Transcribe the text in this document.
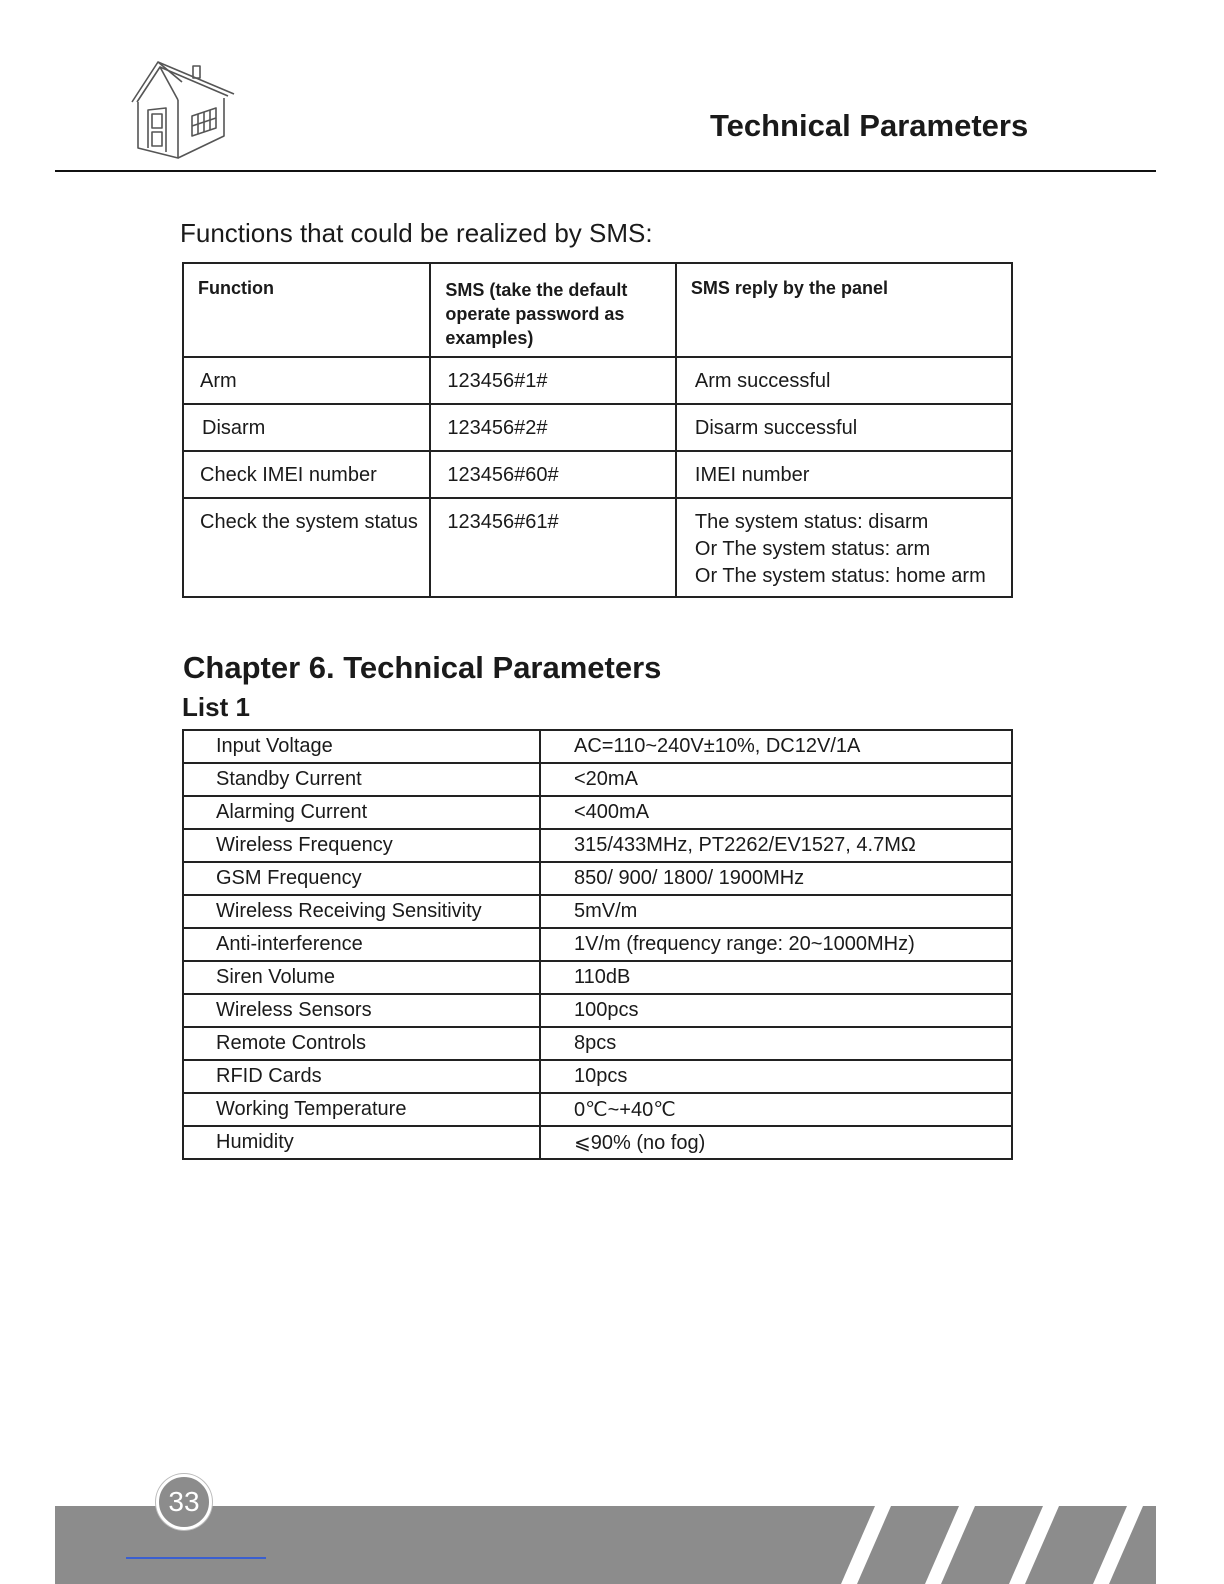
Technical Parameters
Functions that could be realized by SMS:
Function	SMS (take the default operate password as examples)	SMS reply by the panel
Arm	123456#1#	Arm successful

Disarm	123456#2#	Disarm successful

Check IMEI number	123456#60#	IMEI number

Check the system status	123456#61#	The system status: disarm
Or The system status: arm
Or The system status: home arm
Chapter 6. Technical Parameters
List 1
Input Voltage	AC=110~240V±10%, DC12V/1A
Standby Current	<20mA
Alarming Current	<400mA
Wireless Frequency	315/433MHz, PT2262/EV1527, 4.7MΩ
GSM Frequency	850/ 900/ 1800/ 1900MHz
Wireless Receiving Sensitivity	5mV/m
Anti-interference	1V/m (frequency range: 20~1000MHz)
Siren Volume	110dB
Wireless Sensors	100pcs
Remote Controls	8pcs
RFID Cards	10pcs
Working Temperature	0℃~+40℃
Humidity	⩽90% (no fog)
33
